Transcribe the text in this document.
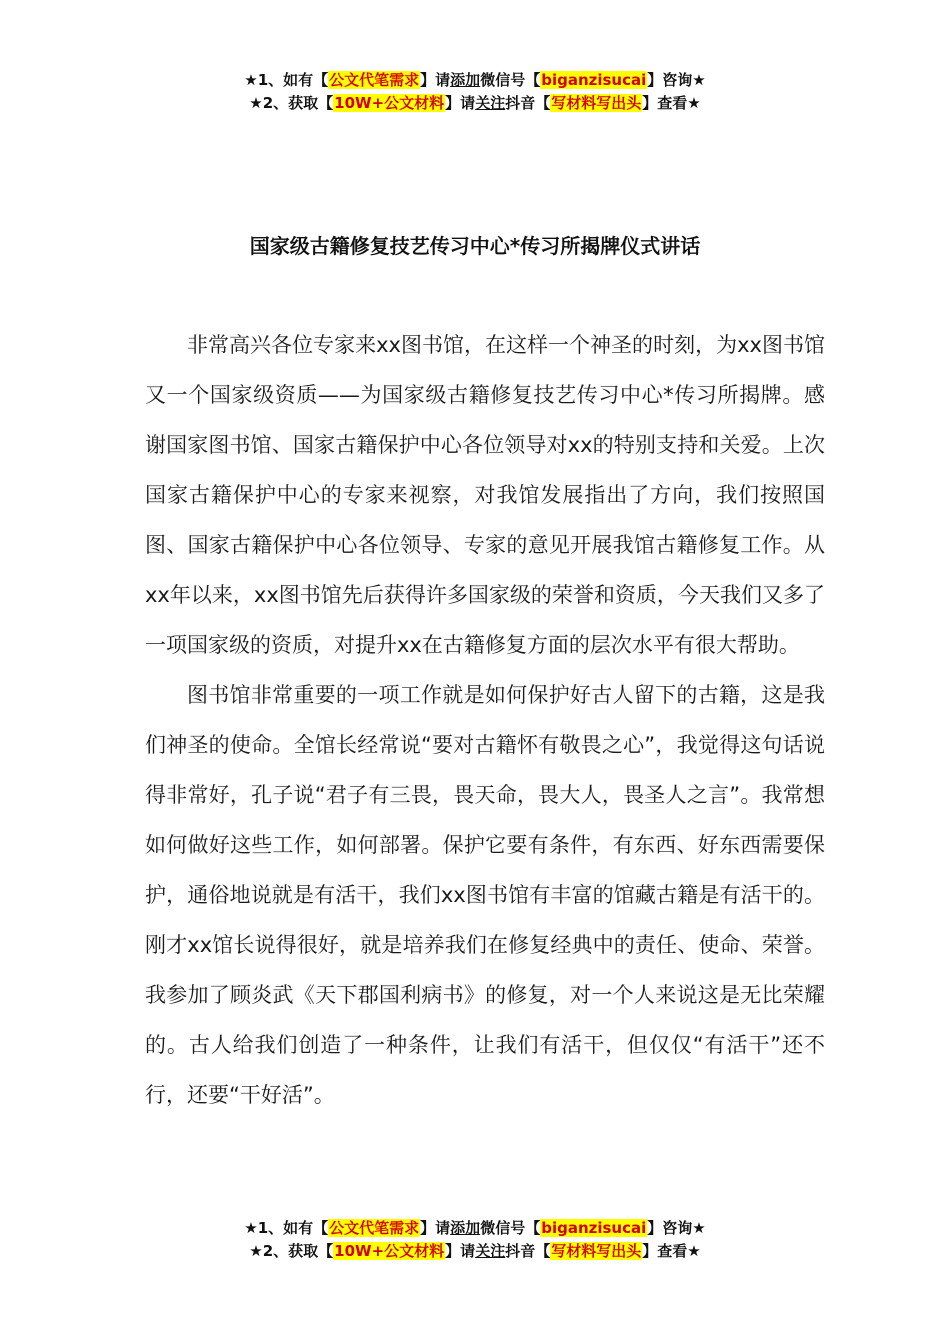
★1、如有【公文代笔需求】请添加微信号【biganzisucai】咨询★
★2、获取【10W+公文材料】请关注抖音【写材料写出头】查看★
国家级古籍修复技艺传习中心*传习所揭牌仪式讲话

非常高兴各位专家来xx图书馆，在这样一个神圣的时刻，为xx图书馆又一个国家级资质——为国家级古籍修复技艺传习中心*传习所揭牌。感谢国家图书馆、国家古籍保护中心各位领导对xx的特别支持和关爱。上次国家古籍保护中心的专家来视察，对我馆发展指出了方向，我们按照国图、国家古籍保护中心各位领导、专家的意见开展我馆古籍修复工作。从xx年以来，xx图书馆先后获得许多国家级的荣誉和资质，今天我们又多了一项国家级的资质，对提升xx在古籍修复方面的层次水平有很大帮助。

图书馆非常重要的一项工作就是如何保护好古人留下的古籍，这是我们神圣的使命。全馆长经常说“要对古籍怀有敬畏之心”，我觉得这句话说得非常好，孔子说“君子有三畏，畏天命，畏大人，畏圣人之言”。我常想如何做好这些工作，如何部署。保护它要有条件，有东西、好东西需要保护，通俗地说就是有活干，我们xx图书馆有丰富的馆藏古籍是有活干的。刚才xx馆长说得很好，就是培养我们在修复经典中的责任、使命、荣誉。我参加了顾炎武《天下郡国利病书》的修复，对一个人来说这是无比荣耀的。古人给我们创造了一种条件，让我们有活干，但仅仅“有活干”还不行，还要“干好活”。

★1、如有【公文代笔需求】请添加微信号【biganzisucai】咨询★
★2、获取【10W+公文材料】请关注抖音【写材料写出头】查看★
